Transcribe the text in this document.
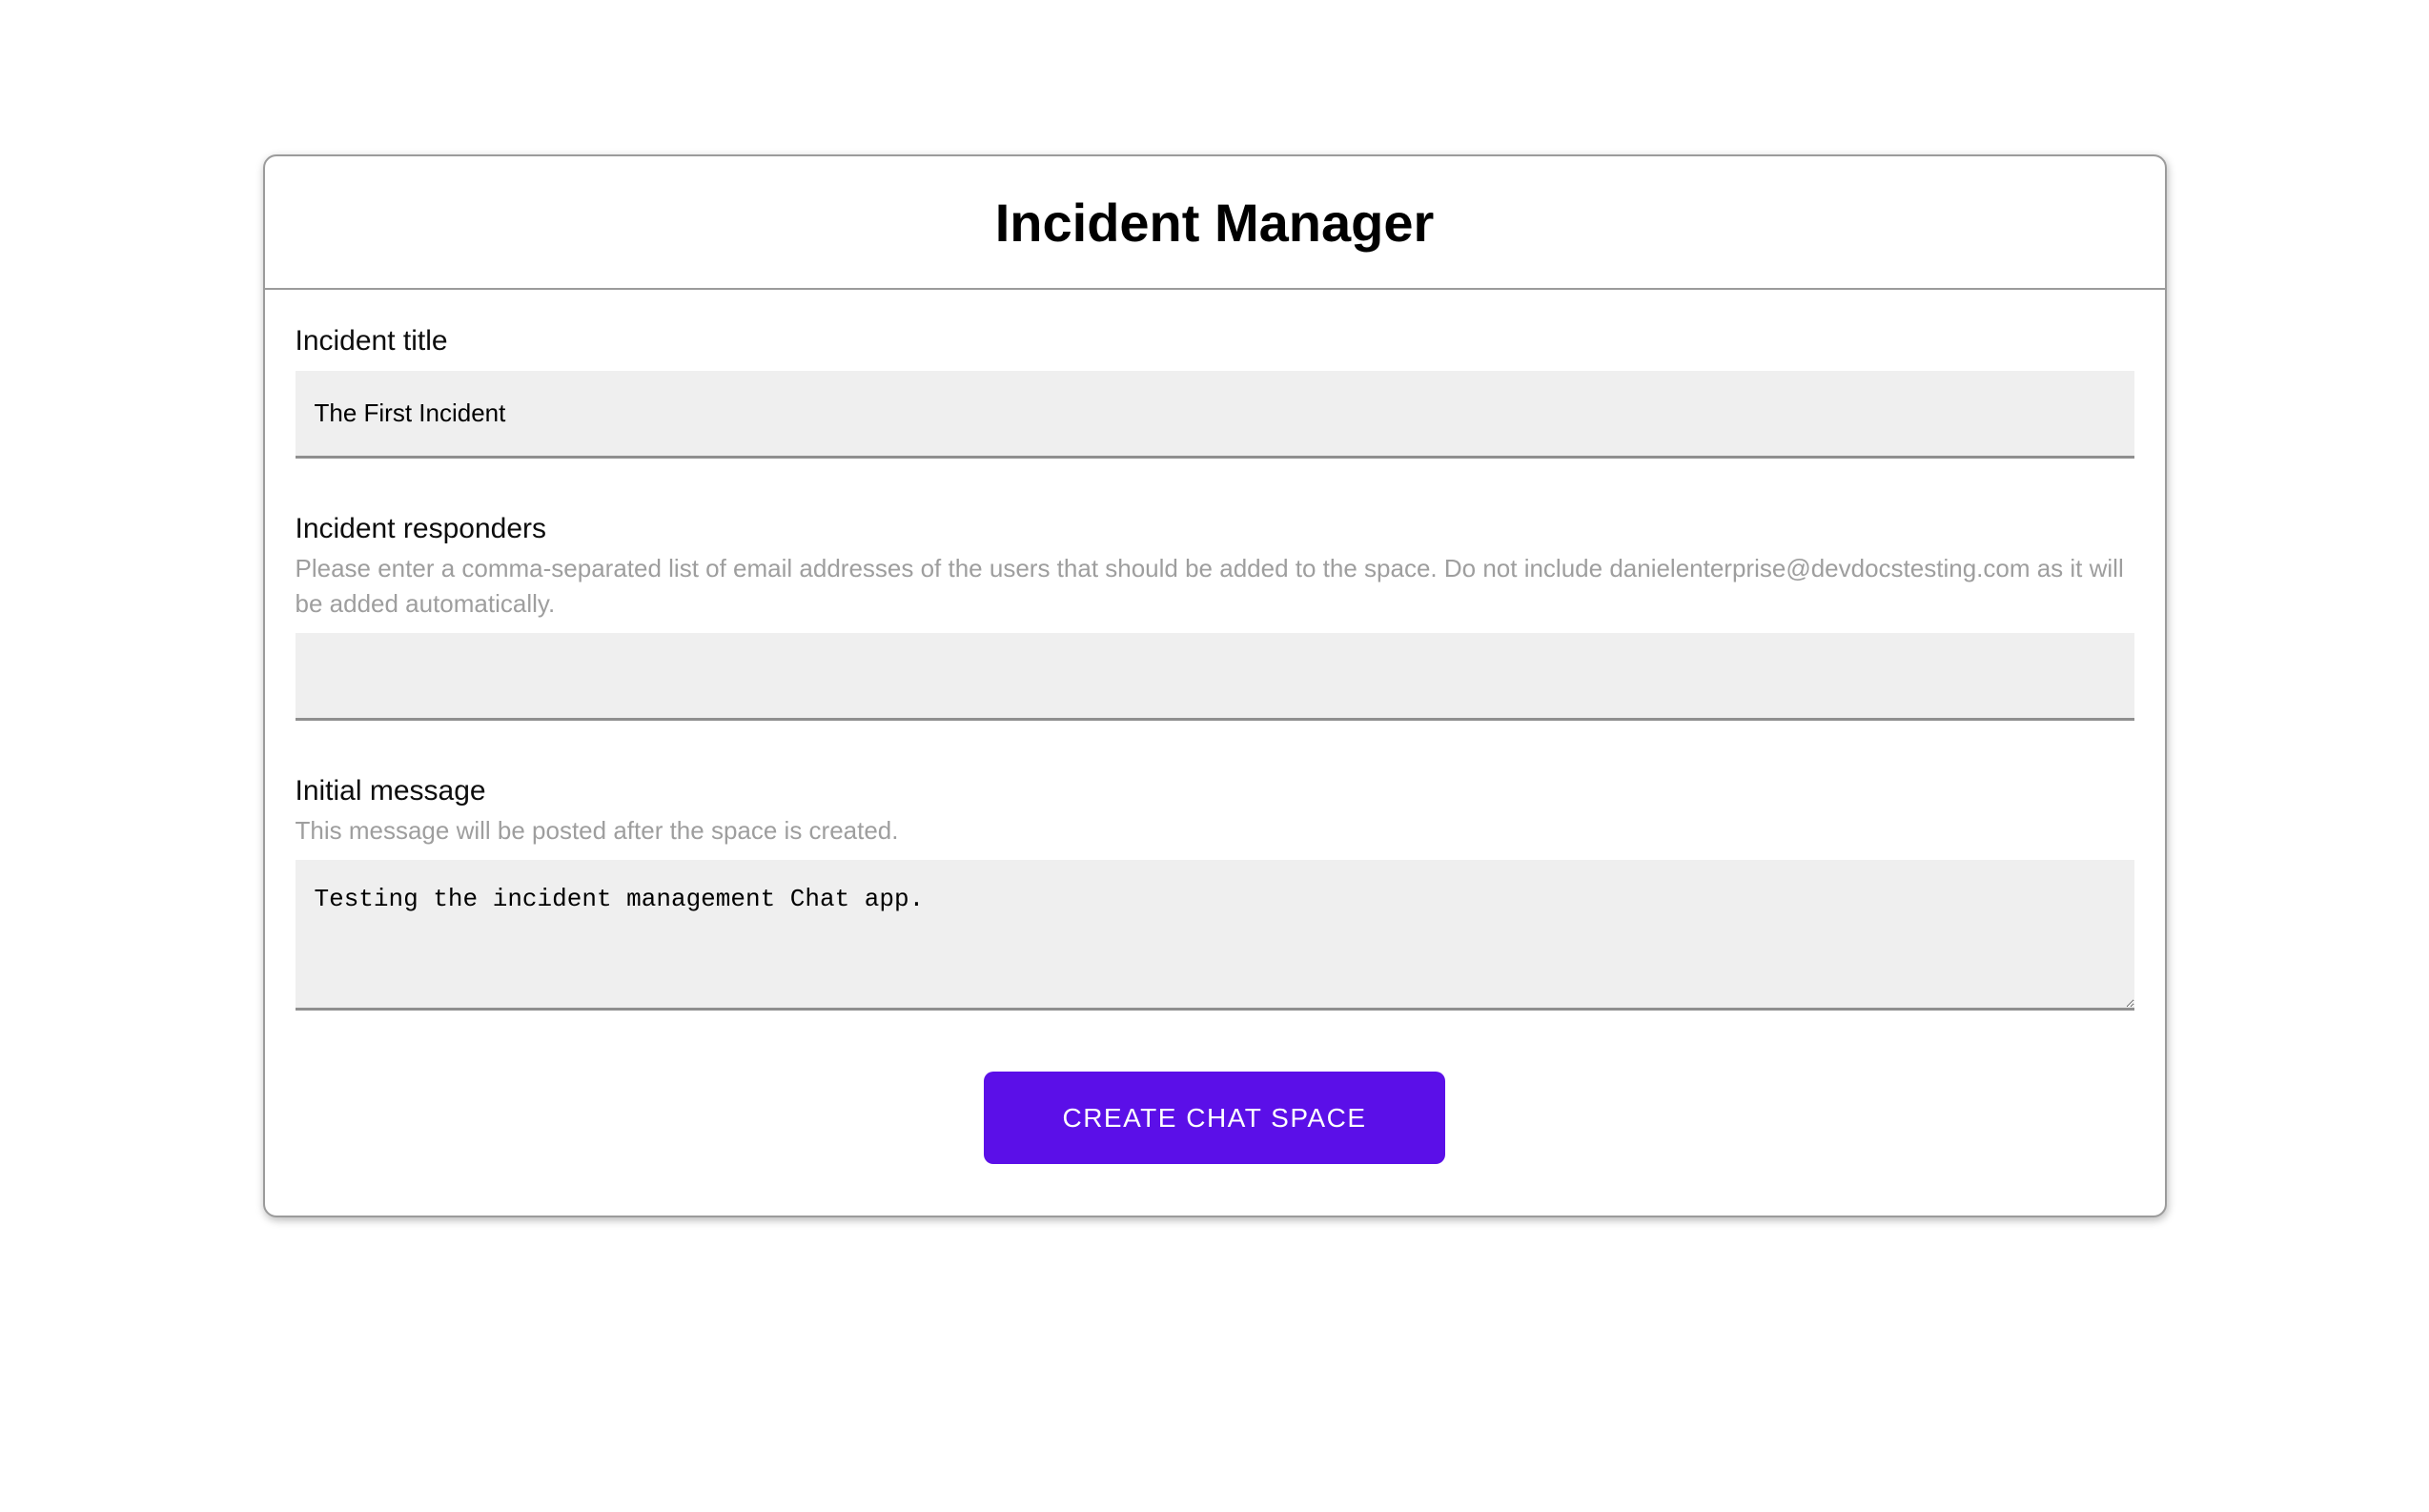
Incident Manager
Incident title
The First Incident
Incident responders
Please enter a comma-separated list of email addresses of the users that should be added to the space. Do not include danielenterprise@devdocstesting.com as it will be added automatically.
Initial message
This message will be posted after the space is created.
Testing the incident management Chat app.
CREATE CHAT SPACE
